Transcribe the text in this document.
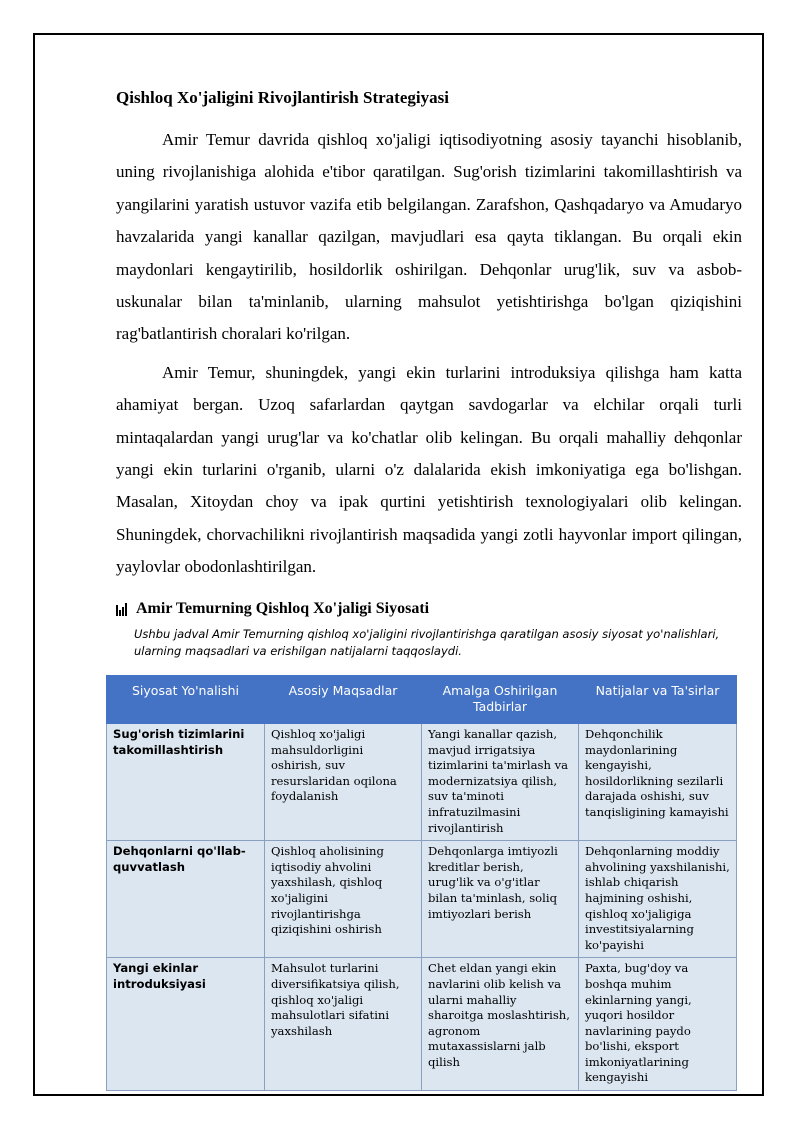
Qishloq Xo'jaligini Rivojlantirish Strategiyasi

Amir Temur davrida qishloq xo'jaligi iqtisodiyotning asosiy tayanchi hisoblanib, uning rivojlanishiga alohida e'tibor qaratilgan. Sug'orish tizimlarini takomillashtirish va yangilarini yaratish ustuvor vazifa etib belgilangan. Zarafshon, Qashqadaryo va Amudaryo havzalarida yangi kanallar qazilgan, mavjudlari esa qayta tiklangan. Bu orqali ekin maydonlari kengaytirilib, hosildorlik oshirilgan. Dehqonlar urug'lik, suv va asbob-uskunalar bilan ta'minlanib, ularning mahsulot yetishtirishga bo'lgan qiziqishini rag'batlantirish choralari ko'rilgan.

Amir Temur, shuningdek, yangi ekin turlarini introduksiya qilishga ham katta ahamiyat bergan. Uzoq safarlardan qaytgan savdogarlar va elchilar orqali turli mintaqalardan yangi urug'lar va ko'chatlar olib kelingan. Bu orqali mahalliy dehqonlar yangi ekin turlarini o'rganib, ularni o'z dalalarida ekish imkoniyatiga ega bo'lishgan. Masalan, Xitoydan choy va ipak qurtini yetishtirish texnologiyalari olib kelingan. Shuningdek, chorvachilikni rivojlantirish maqsadida yangi zotli hayvonlar import qilingan, yaylovlar obodonlashtirilgan.

Amir Temurning Qishloq Xo'jaligi Siyosati

Ushbu jadval Amir Temurning qishloq xo'jaligini rivojlantirishga qaratilgan asosiy siyosat yo'nalishlari, ularning maqsadlari va erishilgan natijalarni taqqoslaydi.

Siyosat Yo'nalishi	Asosiy Maqsadlar	Amalga Oshirilgan Tadbirlar	Natijalar va Ta'sirlar
Sug'orish tizimlarini takomillashtirish	Qishloq xo'jaligi mahsuldorligini oshirish, suv resurslaridan oqilona foydalanish	Yangi kanallar qazish, mavjud irrigatsiya tizimlarini ta'mirlash va modernizatsiya qilish, suv ta'minoti infratuzilmasini rivojlantirish	Dehqonchilik maydonlarining kengayishi, hosildorlikning sezilarli darajada oshishi, suv tanqisligining kamayishi
Dehqonlarni qo'llab-quvvatlash	Qishloq aholisining iqtisodiy ahvolini yaxshilash, qishloq xo'jaligini rivojlantirishga qiziqishini oshirish	Dehqonlarga imtiyozli kreditlar berish, urug'lik va o'g'itlar bilan ta'minlash, soliq imtiyozlari berish	Dehqonlarning moddiy ahvolining yaxshilanishi, ishlab chiqarish hajmining oshishi, qishloq xo'jaligiga investitsiyalarning ko'payishi
Yangi ekinlar introduksiyasi	Mahsulot turlarini diversifikatsiya qilish, qishloq xo'jaligi mahsulotlari sifatini yaxshilash	Chet eldan yangi ekin navlarini olib kelish va ularni mahalliy sharoitga moslashtirish, agronom mutaxassislarni jalb qilish	Paxta, bug'doy va boshqa muhim ekinlarning yangi, yuqori hosildor navlarining paydo bo'lishi, eksport imkoniyatlarining kengayishi
